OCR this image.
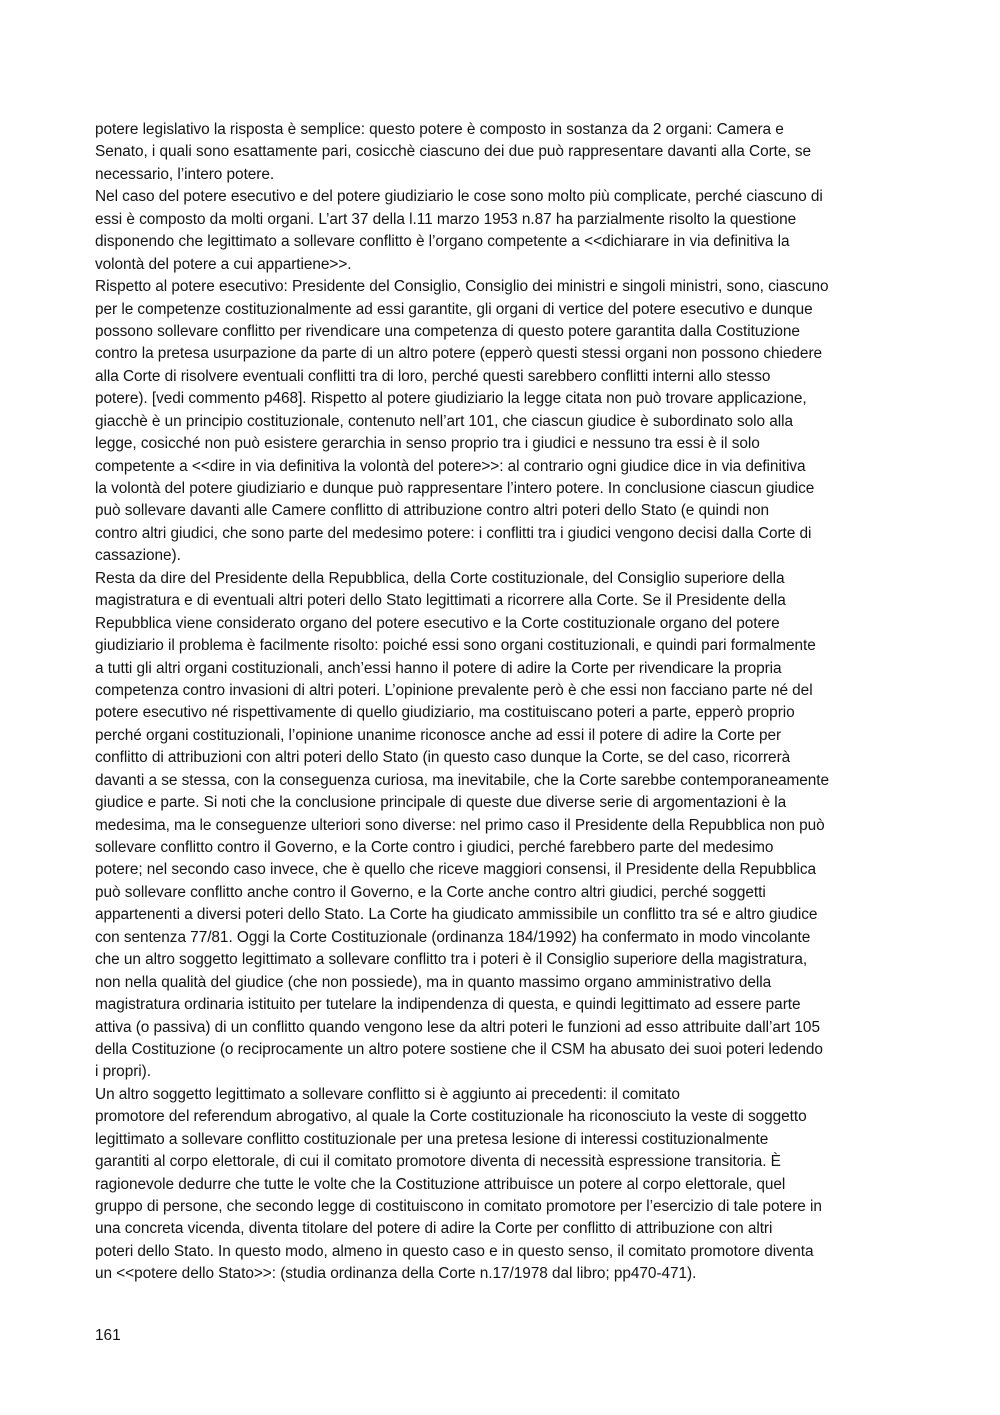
potere legislativo la risposta è semplice: questo potere è composto in sostanza da 2 organi: Camera e
Senato, i quali sono esattamente pari, cosicchè ciascuno dei due può rappresentare davanti alla Corte, se
necessario, l’intero potere.
Nel caso del potere esecutivo e del potere giudiziario le cose sono molto più complicate, perché ciascuno di
essi è composto da molti organi. L’art 37 della l.11 marzo 1953 n.87 ha parzialmente risolto la questione
disponendo che legittimato a sollevare conflitto è l’organo competente a <<dichiarare in via definitiva la
volontà del potere a cui appartiene>>.
Rispetto al potere esecutivo: Presidente del Consiglio, Consiglio dei ministri e singoli ministri, sono, ciascuno
per le competenze costituzionalmente ad essi garantite, gli organi di vertice del potere esecutivo e dunque
possono sollevare conflitto per rivendicare una competenza di questo potere garantita dalla Costituzione
contro la pretesa usurpazione da parte di un altro potere (epperò questi stessi organi non possono chiedere
alla Corte di risolvere eventuali conflitti tra di loro, perché questi sarebbero conflitti interni allo stesso
potere). [vedi commento p468]. Rispetto al potere giudiziario la legge citata non può trovare applicazione,
giacchè è un principio costituzionale, contenuto nell’art 101, che ciascun giudice è subordinato solo alla
legge, cosicché non può esistere gerarchia in senso proprio tra i giudici e nessuno tra essi è il solo
competente a <<dire in via definitiva la volontà del potere>>: al contrario ogni giudice dice in via definitiva
la volontà del potere giudiziario e dunque può rappresentare l’intero potere. In conclusione ciascun giudice
può sollevare davanti alle Camere conflitto di attribuzione contro altri poteri dello Stato (e quindi non
contro altri giudici, che sono parte del medesimo potere: i conflitti tra i giudici vengono decisi dalla Corte di
cassazione).
Resta da dire del Presidente della Repubblica, della Corte costituzionale, del Consiglio superiore della
magistratura e di eventuali altri poteri dello Stato legittimati a ricorrere alla Corte. Se il Presidente della
Repubblica viene considerato organo del potere esecutivo e la Corte costituzionale organo del potere
giudiziario il problema è facilmente risolto: poiché essi sono organi costituzionali, e quindi pari formalmente
a tutti gli altri organi costituzionali, anch’essi hanno il potere di adire la Corte per rivendicare la propria
competenza contro invasioni di altri poteri. L’opinione prevalente però è che essi non facciano parte né del
potere esecutivo né rispettivamente di quello giudiziario, ma costituiscano poteri a parte, epperò proprio
perché organi costituzionali, l’opinione unanime riconosce anche ad essi il potere di adire la Corte per
conflitto di attribuzioni con altri poteri dello Stato (in questo caso dunque la Corte, se del caso, ricorrerà
davanti a se stessa, con la conseguenza curiosa, ma inevitabile, che la Corte sarebbe contemporaneamente
giudice e parte. Si noti che la conclusione principale di queste due diverse serie di argomentazioni è la
medesima, ma le conseguenze ulteriori sono diverse: nel primo caso il Presidente della Repubblica non può
sollevare conflitto contro il Governo, e la Corte contro i giudici, perché farebbero parte del medesimo
potere; nel secondo caso invece, che è quello che riceve maggiori consensi, il Presidente della Repubblica
può sollevare conflitto anche contro il Governo, e la Corte anche contro altri giudici, perché soggetti
appartenenti a diversi poteri dello Stato. La Corte ha giudicato ammissibile un conflitto tra sé e altro giudice
con sentenza 77/81. Oggi la Corte Costituzionale (ordinanza 184/1992) ha confermato in modo vincolante
che un altro soggetto legittimato a sollevare conflitto tra i poteri è il Consiglio superiore della magistratura,
non nella qualità del giudice (che non possiede), ma in quanto massimo organo amministrativo della
magistratura ordinaria istituito per tutelare la indipendenza di questa, e quindi legittimato ad essere parte
attiva (o passiva) di un conflitto quando vengono lese da altri poteri le funzioni ad esso attribuite dall’art 105
della Costituzione (o reciprocamente un altro potere sostiene che il CSM ha abusato dei suoi poteri ledendo
i propri).
Un altro soggetto legittimato a sollevare conflitto si è aggiunto ai precedenti: il comitato
promotore del referendum abrogativo, al quale la Corte costituzionale ha riconosciuto la veste di soggetto
legittimato a sollevare conflitto costituzionale per una pretesa lesione di interessi costituzionalmente
garantiti al corpo elettorale, di cui il comitato promotore diventa di necessità espressione transitoria. È
ragionevole dedurre che tutte le volte che la Costituzione attribuisce un potere al corpo elettorale, quel
gruppo di persone, che secondo legge di costituiscono in comitato promotore per l’esercizio di tale potere in
una concreta vicenda, diventa titolare del potere di adire la Corte per conflitto di attribuzione con altri
poteri dello Stato. In questo modo, almeno in questo caso e in questo senso, il comitato promotore diventa
un <<potere dello Stato>>: (studia ordinanza della Corte n.17/1978 dal libro; pp470-471).
161
